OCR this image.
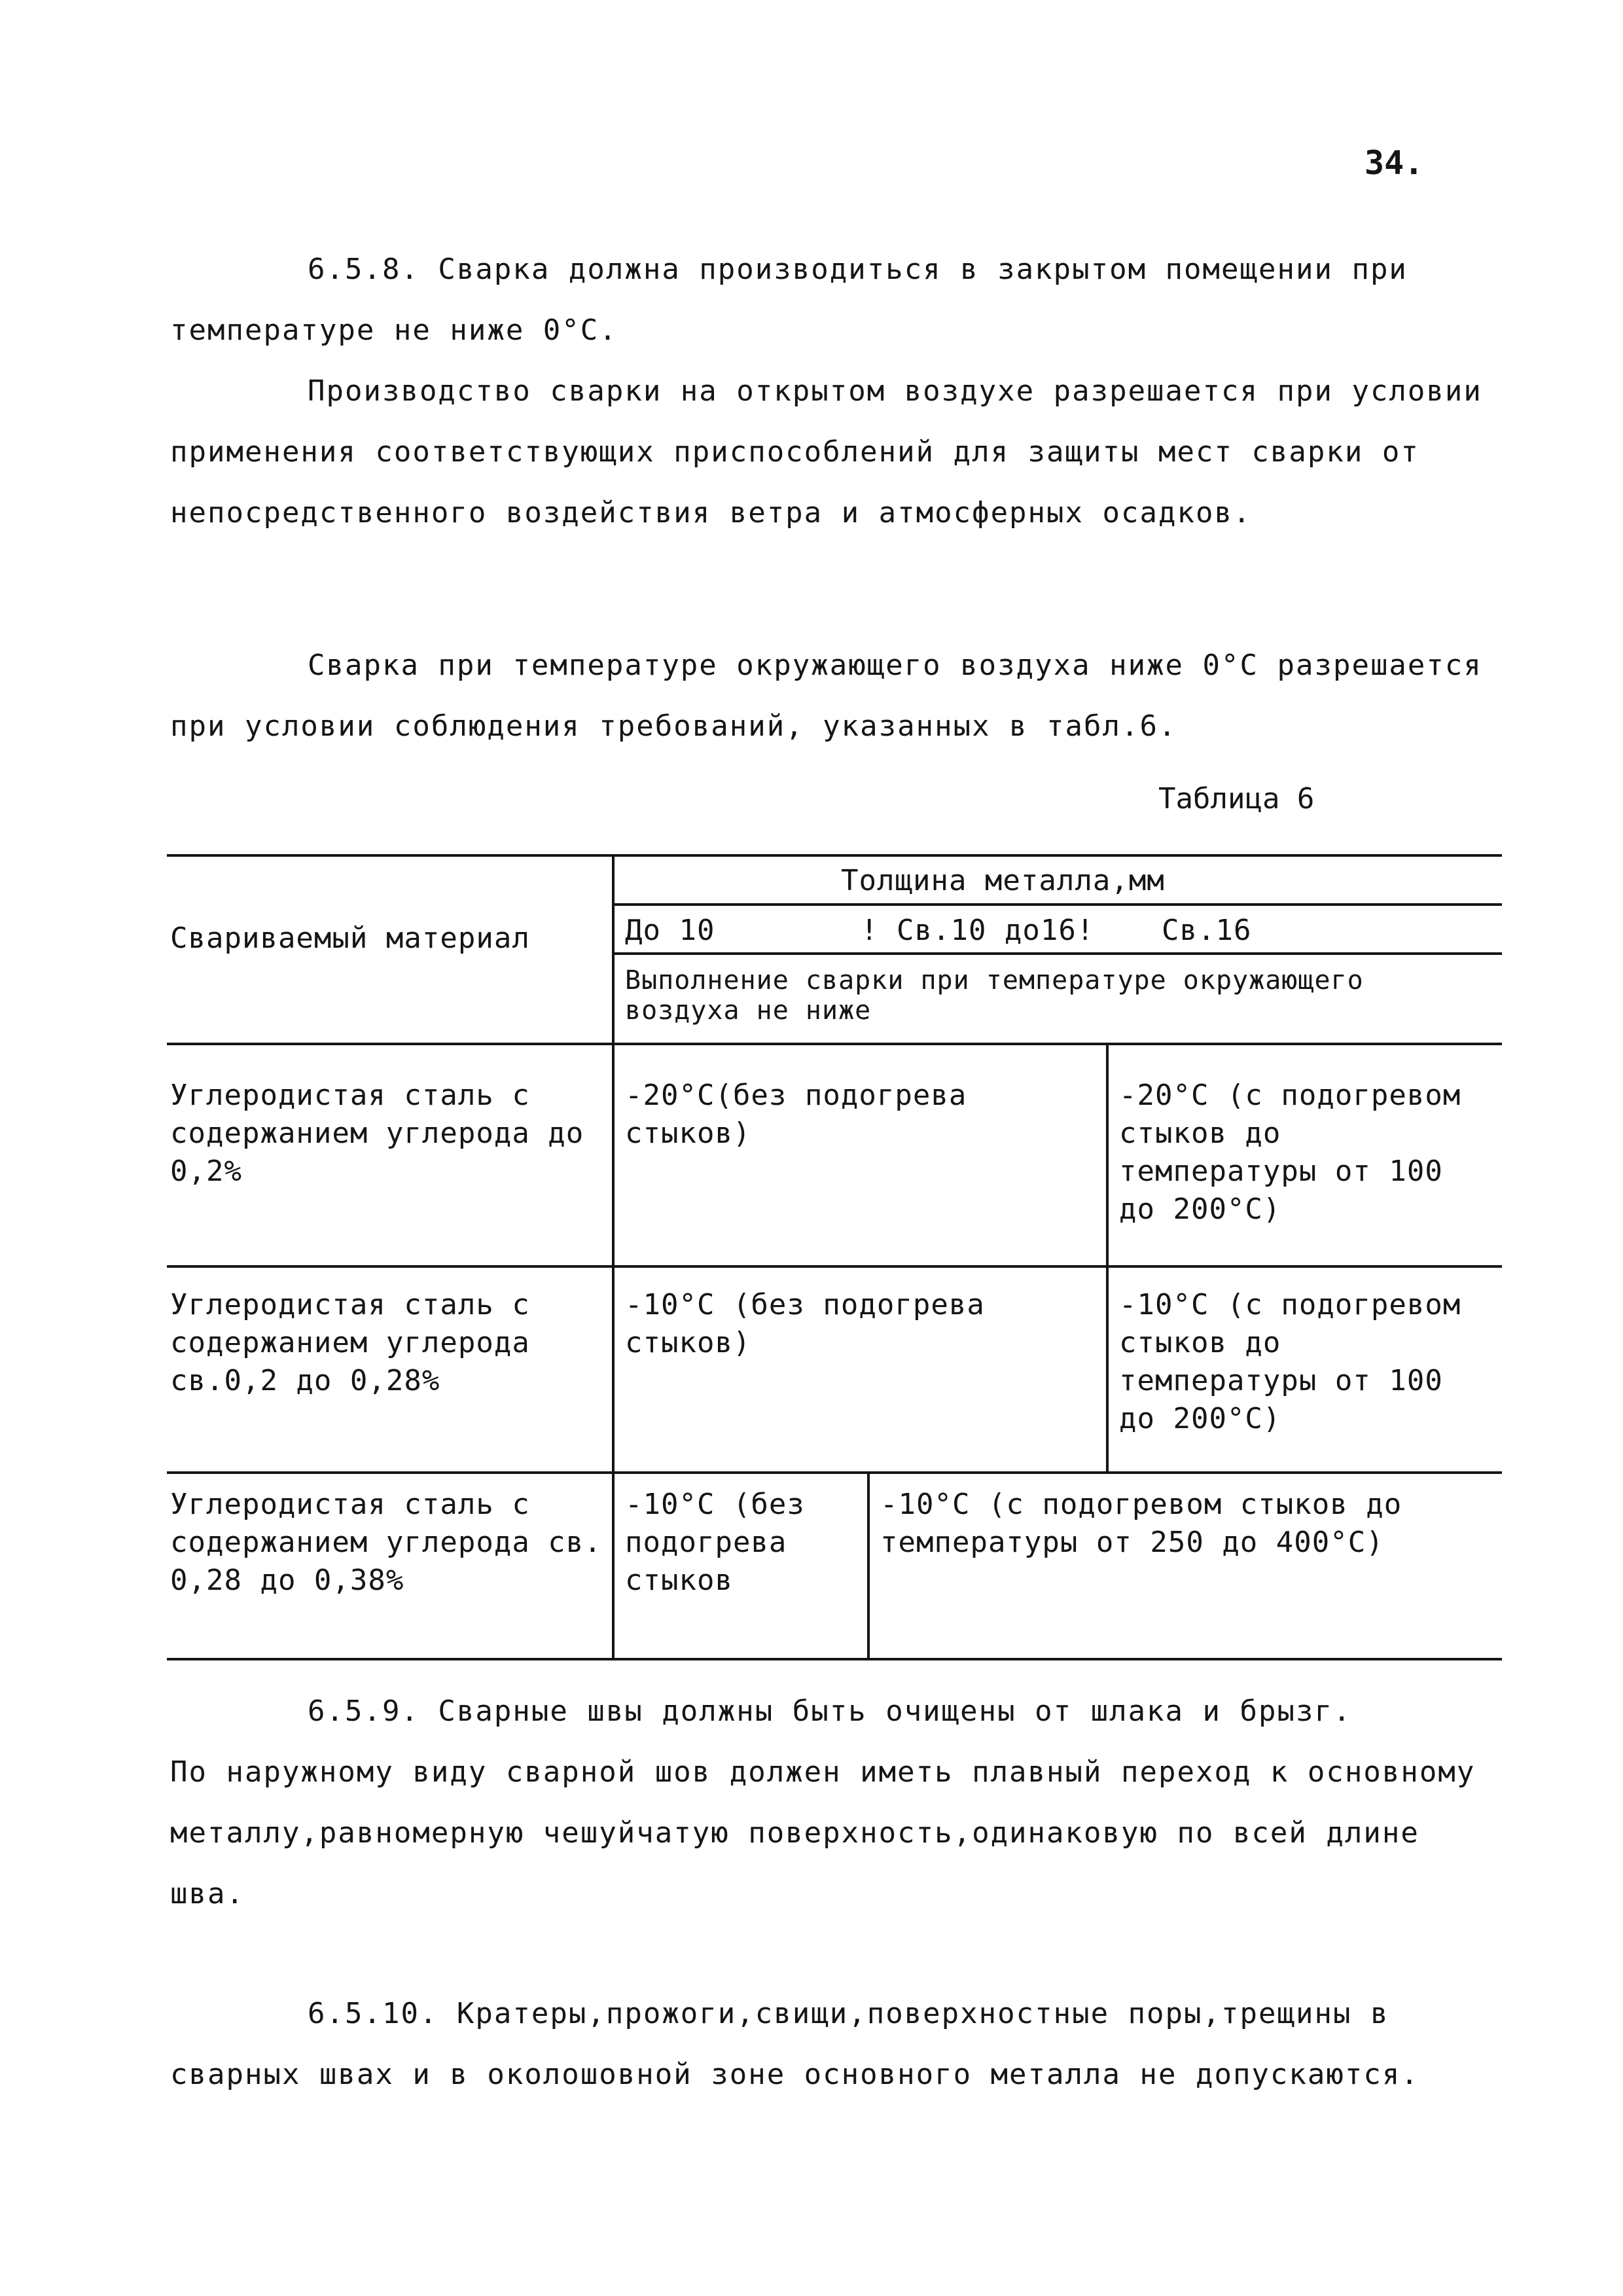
34.
6.5.8. Сварка должна производиться в закрытом помещении при температуре не ниже 0°С.
Производство сварки на открытом воздухе разрешается при условии применения соответствующих приспособлений для защиты мест сварки от непосредственного воздействия ветра и атмосферных осадков.
Сварка при температуре окружающего воздуха ниже 0°С разрешается при условии соблюдения требований, указанных в табл.6.
Таблица 6
Свариваемый материал
Толщина металла,мм
До 10	! Св.10 до16! Св.16
Выполнение сварки при температуре окружающего воздуха не ниже
Углеродистая сталь с содержанием углерода до 0,2%
-20°С(без подогрева стыков)
-20°С (с подогревом стыков до температуры от 100 до 200°С)
Углеродистая сталь с содержанием углерода св.0,2 до 0,28%
-10°С (без подогрева стыков)
-10°С (с подогревом стыков до температуры от 100 до 200°С)
Углеродистая сталь с содержанием углерода св. 0,28 до 0,38%
-10°С (без подогрева стыков
-10°С (с подогревом стыков до температуры от 250 до 400°С)
6.5.9. Сварные швы должны быть очищены от шлака и брызг.
По наружному виду сварной шов должен иметь плавный переход к основному металлу,равномерную чешуйчатую поверхность,одинаковую по всей длине шва.
6.5.10. Кратеры,прожоги,свищи,поверхностные поры,трещины в сварных швах и в околошовной зоне основного металла не допускаются.
